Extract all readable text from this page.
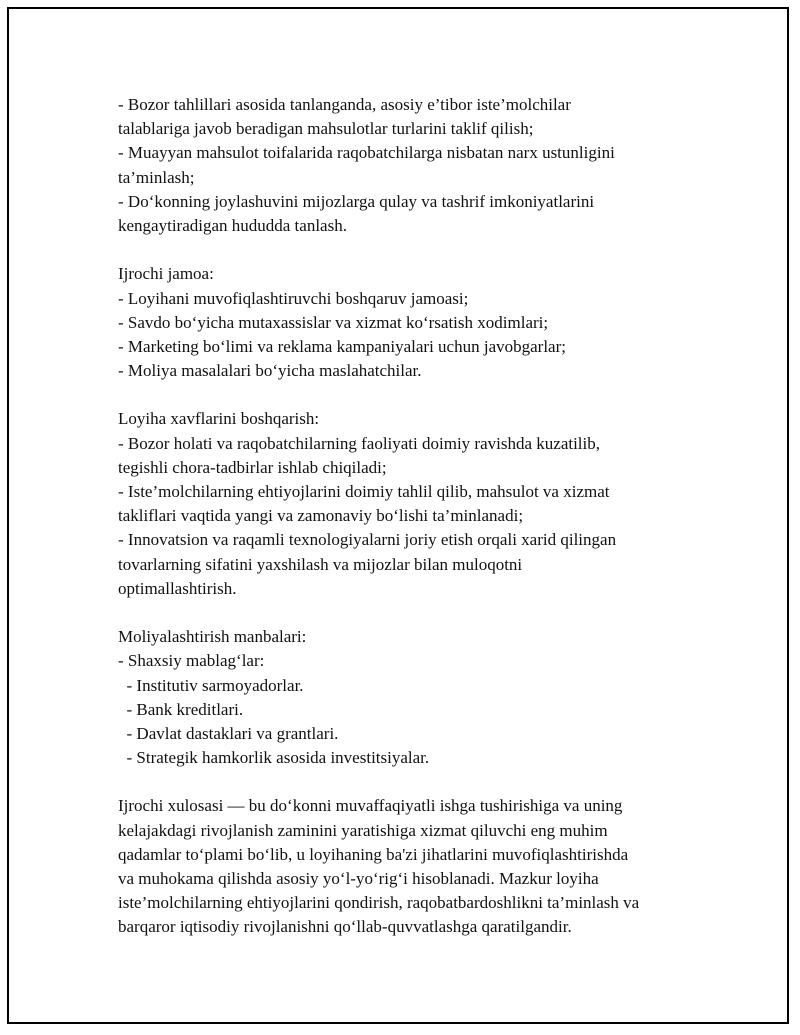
- Bozor tahlillari asosida tanlanganda, asosiy e’tibor iste’molchilar
talablariga javob beradigan mahsulotlar turlarini taklif qilish;
- Muayyan mahsulot toifalarida raqobatchilarga nisbatan narx ustunligini
ta’minlash;
- Do‘konning joylashuvini mijozlarga qulay va tashrif imkoniyatlarini
kengaytiradigan hududda tanlash.
Ijrochi jamoa:
- Loyihani muvofiqlashtiruvchi boshqaruv jamoasi;
- Savdo bo‘yicha mutaxassislar va xizmat ko‘rsatish xodimlari;
- Marketing bo‘limi va reklama kampaniyalari uchun javobgarlar;
- Moliya masalalari bo‘yicha maslahatchilar.
Loyiha xavflarini boshqarish:
- Bozor holati va raqobatchilarning faoliyati doimiy ravishda kuzatilib,
tegishli chora-tadbirlar ishlab chiqiladi;
- Iste’molchilarning ehtiyojlarini doimiy tahlil qilib, mahsulot va xizmat
takliflari vaqtida yangi va zamonaviy bo‘lishi ta’minlanadi;
- Innovatsion va raqamli texnologiyalarni joriy etish orqali xarid qilingan
tovarlarning sifatini yaxshilash va mijozlar bilan muloqotni
optimallashtirish.
Moliyalashtirish manbalari:
- Shaxsiy mablag‘lar:
- Institutiv sarmoyadorlar.
- Bank kreditlari.
- Davlat dastaklari va grantlari.
- Strategik hamkorlik asosida investitsiyalar.
Ijrochi xulosasi — bu do‘konni muvaffaqiyatli ishga tushirishiga va uning
kelajakdagi rivojlanish zaminini yaratishiga xizmat qiluvchi eng muhim
qadamlar to‘plami bo‘lib, u loyihaning ba'zi jihatlarini muvofiqlashtirishda
va muhokama qilishda asosiy yo‘l-yo‘rig‘i hisoblanadi. Mazkur loyiha
iste’molchilarning ehtiyojlarini qondirish, raqobatbardoshlikni ta’minlash va
barqaror iqtisodiy rivojlanishni qo‘llab-quvvatlashga qaratilgandir.
